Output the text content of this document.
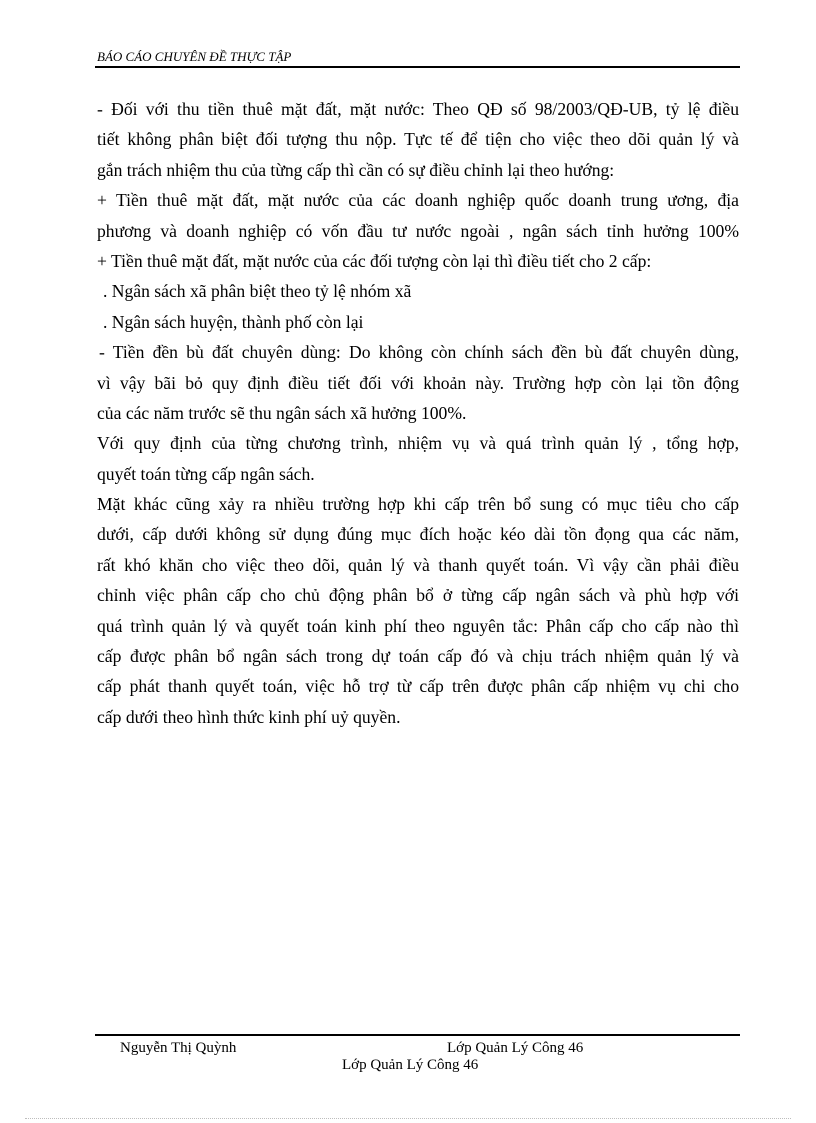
BÁO CÁO CHUYÊN ĐỀ THỰC TẬP
- Đối với thu tiền thuê mặt đất, mặt nước: Theo QĐ số 98/2003/QĐ-UB, tỷ lệ điều
tiết không phân biệt đối tượng thu nộp. Tực tế để tiện cho việc theo dõi quản lý và
gắn trách nhiệm thu của từng cấp thì cần có sự điều chỉnh lại theo hướng:
+ Tiền thuê mặt đất, mặt nước của các doanh nghiệp quốc doanh trung ương, địa
phương và doanh nghiệp có vốn đầu tư nước ngoài , ngân sách tỉnh hưởng 100%
+ Tiền thuê mặt đất, mặt nước của các đối tượng còn lại thì điều tiết cho 2 cấp:
. Ngân sách xã phân biệt theo tỷ lệ nhóm xã
. Ngân sách huyện, thành phố còn lại
- Tiền đền bù đất chuyên dùng: Do không còn chính sách đền bù đất chuyên dùng,
vì vậy bãi bỏ quy định điều tiết đối với khoản này. Trường hợp còn lại tồn động
của các năm trước sẽ thu ngân sách xã hưởng 100%.
Với quy định của từng chương trình, nhiệm vụ và quá trình quản lý , tổng hợp,
quyết toán từng cấp ngân sách.
Mặt khác cũng xảy ra nhiều trường hợp khi cấp trên bổ sung có mục tiêu cho cấp
dưới, cấp dưới không sử dụng đúng mục đích hoặc kéo dài tồn đọng qua các năm,
rất khó khăn cho việc theo dõi, quản lý và thanh quyết toán. Vì vậy cần phải điều
chỉnh việc phân cấp cho chủ động phân bổ ở từng cấp ngân sách và phù hợp với
quá trình quản lý và quyết toán kinh phí theo nguyên tắc: Phân cấp cho cấp nào thì
cấp được phân bổ ngân sách trong dự toán cấp đó và chịu trách nhiệm quản lý và
cấp phát thanh quyết toán, việc hỗ trợ từ cấp trên được phân cấp nhiệm vụ chi cho
cấp dưới theo hình thức kinh phí uỷ quyền.
Nguyễn Thị Quỳnh	Lớp Quản Lý Công 46
Lớp Quản Lý Công 46
